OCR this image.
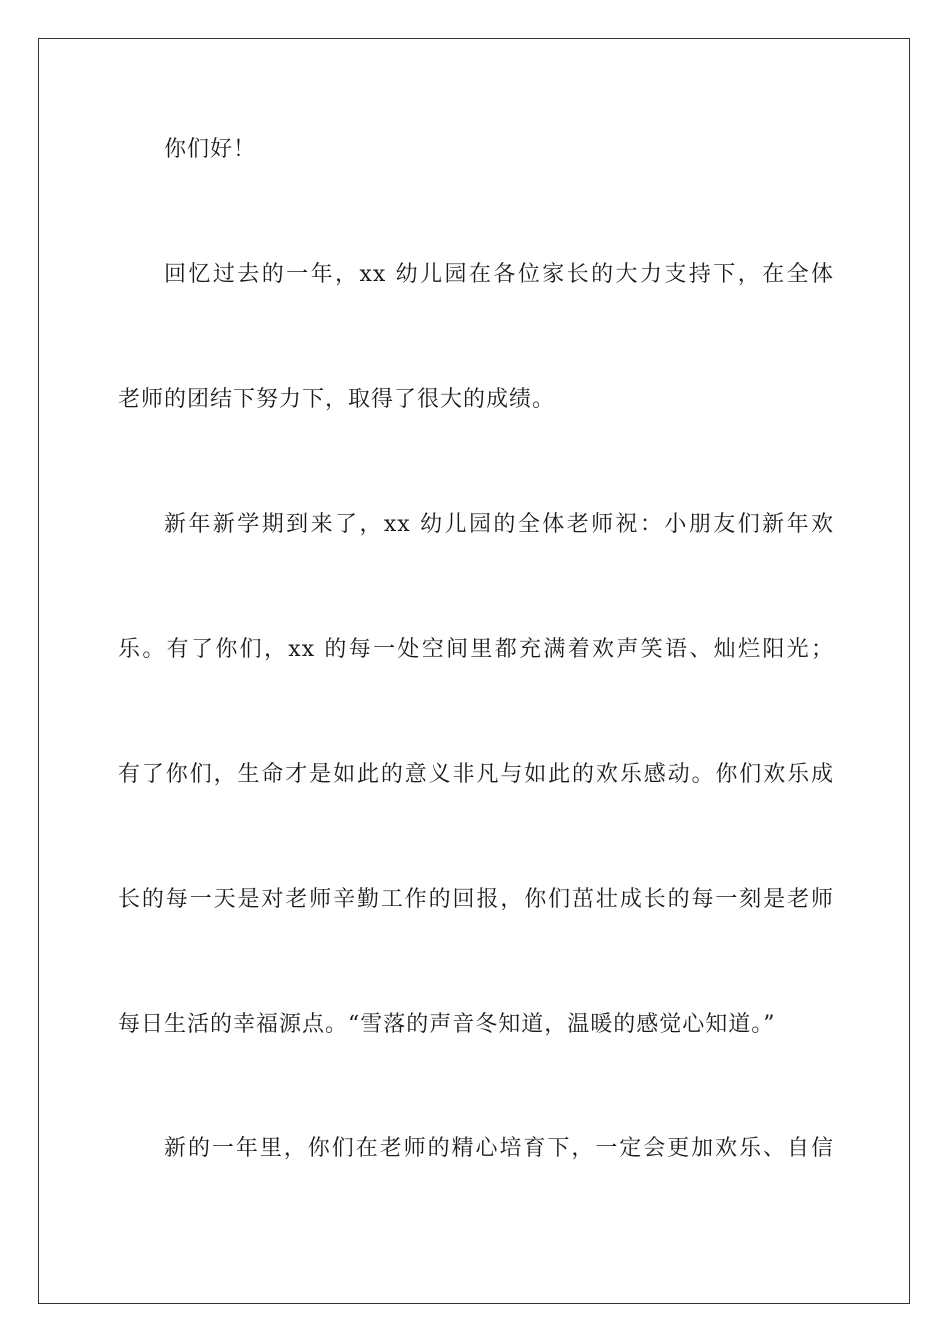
你们好！
回忆过去的一年，xx 幼儿园在各位家长的大力支持下，在全体
老师的团结下努力下，取得了很大的成绩。
新年新学期到来了，xx 幼儿园的全体老师祝：小朋友们新年欢
乐。有了你们，xx 的每一处空间里都充满着欢声笑语、灿烂阳光；
有了你们，生命才是如此的意义非凡与如此的欢乐感动。你们欢乐成
长的每一天是对老师辛勤工作的回报，你们茁壮成长的每一刻是老师
每日生活的幸福源点。“雪落的声音冬知道，温暖的感觉心知道。”
新的一年里，你们在老师的精心培育下，一定会更加欢乐、自信
